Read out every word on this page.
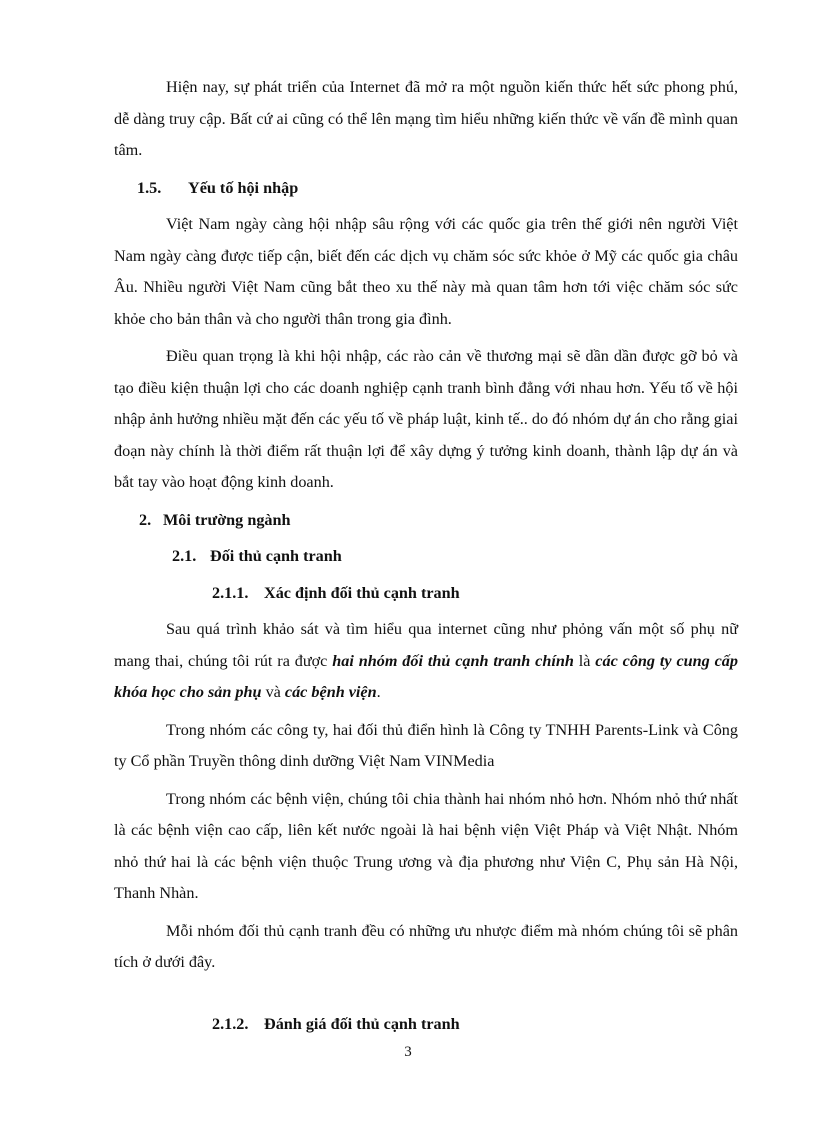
Hiện nay, sự phát triển của Internet đã mở ra một nguồn kiến thức hết sức phong phú, dễ dàng truy cập. Bất cứ ai cũng có thể lên mạng tìm hiểu những kiến thức về vấn đề mình quan tâm.

1.5. Yếu tố hội nhập

Việt Nam ngày càng hội nhập sâu rộng với các quốc gia trên thế giới nên người Việt Nam ngày càng được tiếp cận, biết đến các dịch vụ chăm sóc sức khỏe ở Mỹ các quốc gia châu Âu. Nhiều người Việt Nam cũng bắt theo xu thế này mà quan tâm hơn tới việc chăm sóc sức khỏe cho bản thân và cho người thân trong gia đình.

Điều quan trọng là khi hội nhập, các rào cản về thương mại sẽ dần dần được gỡ bỏ và tạo điều kiện thuận lợi cho các doanh nghiệp cạnh tranh bình đẳng với nhau hơn. Yếu tố về hội nhập ảnh hưởng nhiều mặt đến các yếu tố về pháp luật, kinh tế.. do đó nhóm dự án cho rằng giai đoạn này chính là thời điểm rất thuận lợi để xây dựng ý tưởng kinh doanh, thành lập dự án và bắt tay vào hoạt động kinh doanh.

2. Môi trường ngành
2.1. Đối thủ cạnh tranh
2.1.1. Xác định đối thủ cạnh tranh

Sau quá trình khảo sát và tìm hiểu qua internet cũng như phỏng vấn một số phụ nữ mang thai, chúng tôi rút ra được hai nhóm đối thủ cạnh tranh chính là các công ty cung cấp khóa học cho sản phụ và các bệnh viện.

Trong nhóm các công ty, hai đối thủ điển hình là Công ty TNHH Parents-Link và Công ty Cổ phần Truyền thông dinh dưỡng Việt Nam VINMedia

Trong nhóm các bệnh viện, chúng tôi chia thành hai nhóm nhỏ hơn. Nhóm nhỏ thứ nhất là các bệnh viện cao cấp, liên kết nước ngoài là hai bệnh viện Việt Pháp và Việt Nhật. Nhóm nhỏ thứ hai là các bệnh viện thuộc Trung ương và địa phương như Viện C, Phụ sản Hà Nội, Thanh Nhàn.

Mỗi nhóm đối thủ cạnh tranh đều có những ưu nhược điểm mà nhóm chúng tôi sẽ phân tích ở dưới đây.

2.1.2. Đánh giá đối thủ cạnh tranh
3
